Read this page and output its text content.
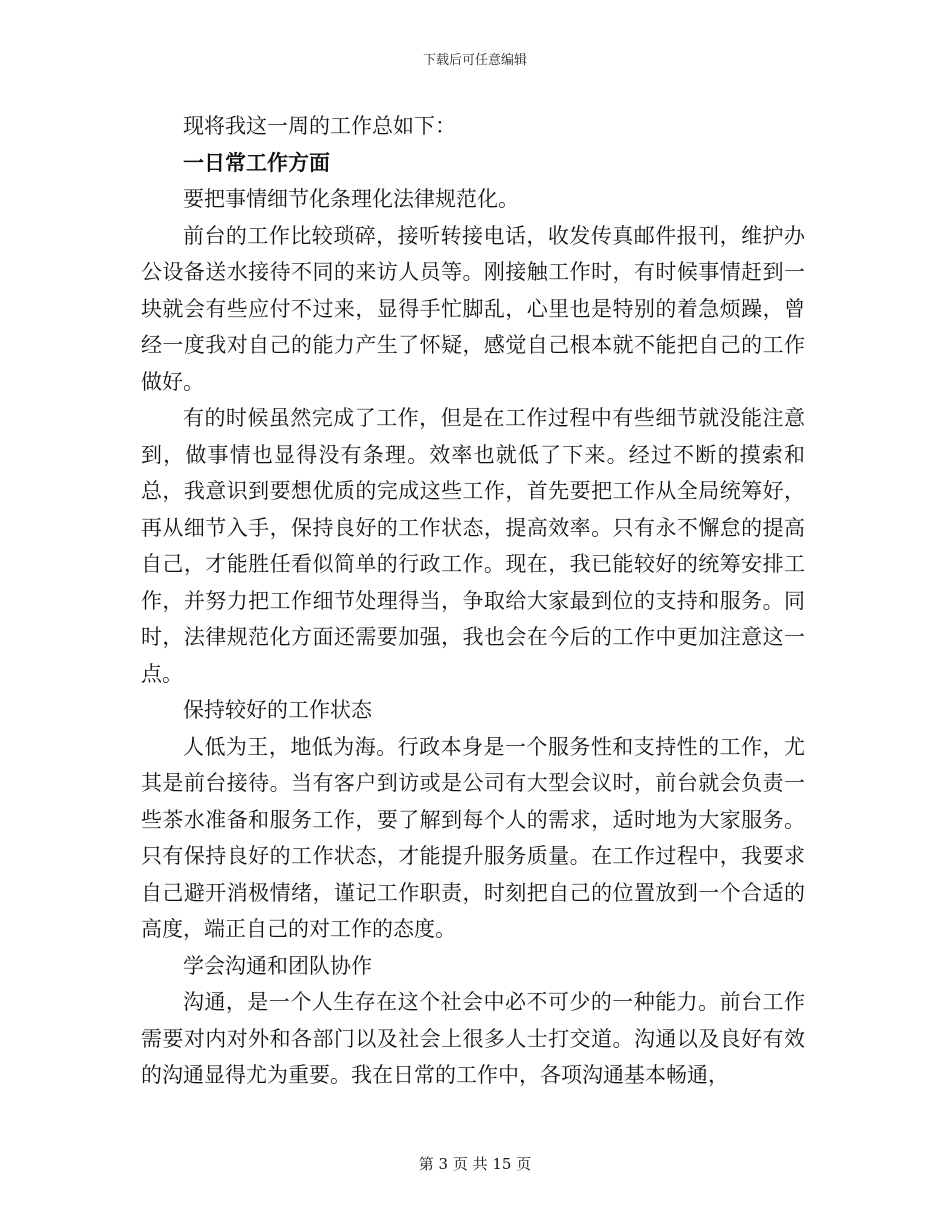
下载后可任意编辑

现将我这一周的工作总如下：

一日常工作方面

要把事情细节化条理化法律规范化。

前台的工作比较琐碎，接听转接电话，收发传真邮件报刊，维护办公设备送水接待不同的来访人员等。刚接触工作时，有时候事情赶到一块就会有些应付不过来，显得手忙脚乱，心里也是特别的着急烦躁，曾经一度我对自己的能力产生了怀疑，感觉自己根本就不能把自己的工作做好。

有的时候虽然完成了工作，但是在工作过程中有些细节就没能注意到，做事情也显得没有条理。效率也就低了下来。经过不断的摸索和总，我意识到要想优质的完成这些工作，首先要把工作从全局统筹好，再从细节入手，保持良好的工作状态，提高效率。只有永不懈怠的提高自己，才能胜任看似简单的行政工作。现在，我已能较好的统筹安排工作，并努力把工作细节处理得当，争取给大家最到位的支持和服务。同时，法律规范化方面还需要加强，我也会在今后的工作中更加注意这一点。

保持较好的工作状态

人低为王，地低为海。行政本身是一个服务性和支持性的工作，尤其是前台接待。当有客户到访或是公司有大型会议时，前台就会负责一些茶水准备和服务工作，要了解到每个人的需求，适时地为大家服务。只有保持良好的工作状态，才能提升服务质量。在工作过程中，我要求自己避开消极情绪，谨记工作职责，时刻把自己的位置放到一个合适的高度，端正自己的对工作的态度。

学会沟通和团队协作

沟通，是一个人生存在这个社会中必不可少的一种能力。前台工作需要对内对外和各部门以及社会上很多人士打交道。沟通以及良好有效的沟通显得尤为重要。我在日常的工作中，各项沟通基本畅通，

第 3 页 共 15 页
